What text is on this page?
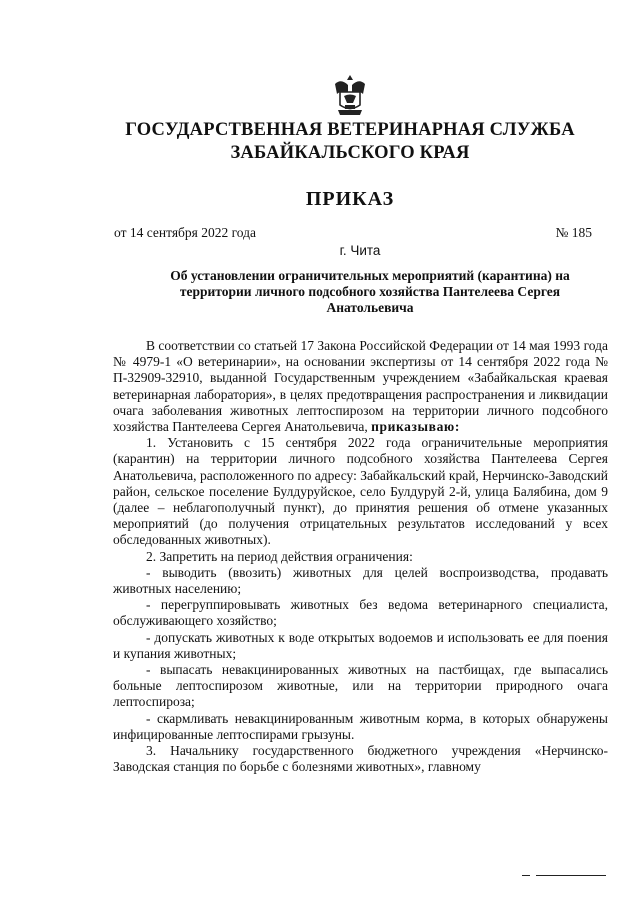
ГОСУДАРСТВЕННАЯ ВЕТЕРИНАРНАЯ СЛУЖБА
ЗАБАЙКАЛЬСКОГО КРАЯ
ПРИКАЗ
от 14 сентября 2022 года	№ 185
г. Чита
Об установлении ограничительных мероприятий (карантина) на
территории личного подсобного хозяйства Пантелеева Сергея
Анатольевича

В соответствии со статьей 17 Закона Российской Федерации от 14 мая 1993 года № 4979-1 «О ветеринарии», на основании экспертизы от 14 сентября 2022 года № П-32909-32910, выданной Государственным учреждением «Забайкальская краевая ветеринарная лаборатория», в целях предотвращения распространения и ликвидации очага заболевания животных лептоспирозом на территории личного подсобного хозяйства Пантелеева Сергея Анатольевича, приказываю:

1. Установить с 15 сентября 2022 года ограничительные мероприятия (карантин) на территории личного подсобного хозяйства Пантелеева Сергея Анатольевича, расположенного по адресу: Забайкальский край, Нерчинско-Заводский район, сельское поселение Булдуруйское, село Булдуруй 2-й, улица Балябина, дом 9 (далее – неблагополучный пункт), до принятия решения об отмене указанных мероприятий (до получения отрицательных результатов исследований у всех обследованных животных).

2. Запретить на период действия ограничения:

- выводить (ввозить) животных для целей воспроизводства, продавать животных населению;

- перегруппировывать животных без ведома ветеринарного специалиста, обслуживающего хозяйство;

- допускать животных к воде открытых водоемов и использовать ее для поения и купания животных;

- выпасать невакцинированных животных на пастбищах, где выпасались больные лептоспирозом животные, или на территории природного очага лептоспироза;

- скармливать невакцинированным животным корма, в которых обнаружены инфицированные лептоспирами грызуны.

3. Начальнику государственного бюджетного учреждения «Нерчинско-Заводская станция по борьбе с болезнями животных», главному
